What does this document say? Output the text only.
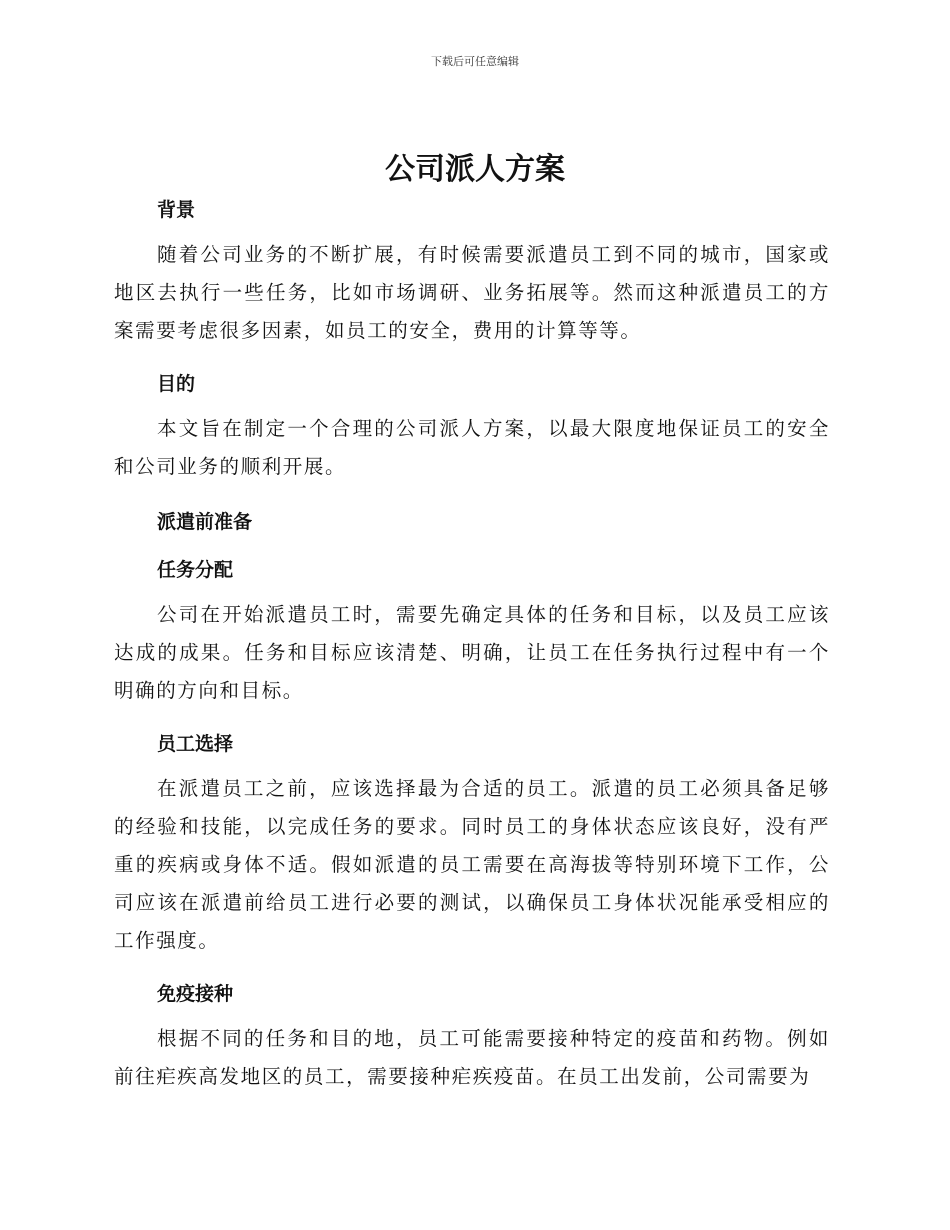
下载后可任意编辑
公司派人方案
背景

随着公司业务的不断扩展，有时候需要派遣员工到不同的城市，国家或地区去执行一些任务，比如市场调研、业务拓展等。然而这种派遣员工的方案需要考虑很多因素，如员工的安全，费用的计算等等。

目的

本文旨在制定一个合理的公司派人方案，以最大限度地保证员工的安全和公司业务的顺利开展。

派遣前准备
任务分配

公司在开始派遣员工时，需要先确定具体的任务和目标，以及员工应该达成的成果。任务和目标应该清楚、明确，让员工在任务执行过程中有一个明确的方向和目标。

员工选择

在派遣员工之前，应该选择最为合适的员工。派遣的员工必须具备足够的经验和技能，以完成任务的要求。同时员工的身体状态应该良好，没有严重的疾病或身体不适。假如派遣的员工需要在高海拔等特别环境下工作，公司应该在派遣前给员工进行必要的测试，以确保员工身体状况能承受相应的工作强度。

免疫接种

根据不同的任务和目的地，员工可能需要接种特定的疫苗和药物。例如前往疟疾高发地区的员工，需要接种疟疾疫苗。在员工出发前，公司需要为
